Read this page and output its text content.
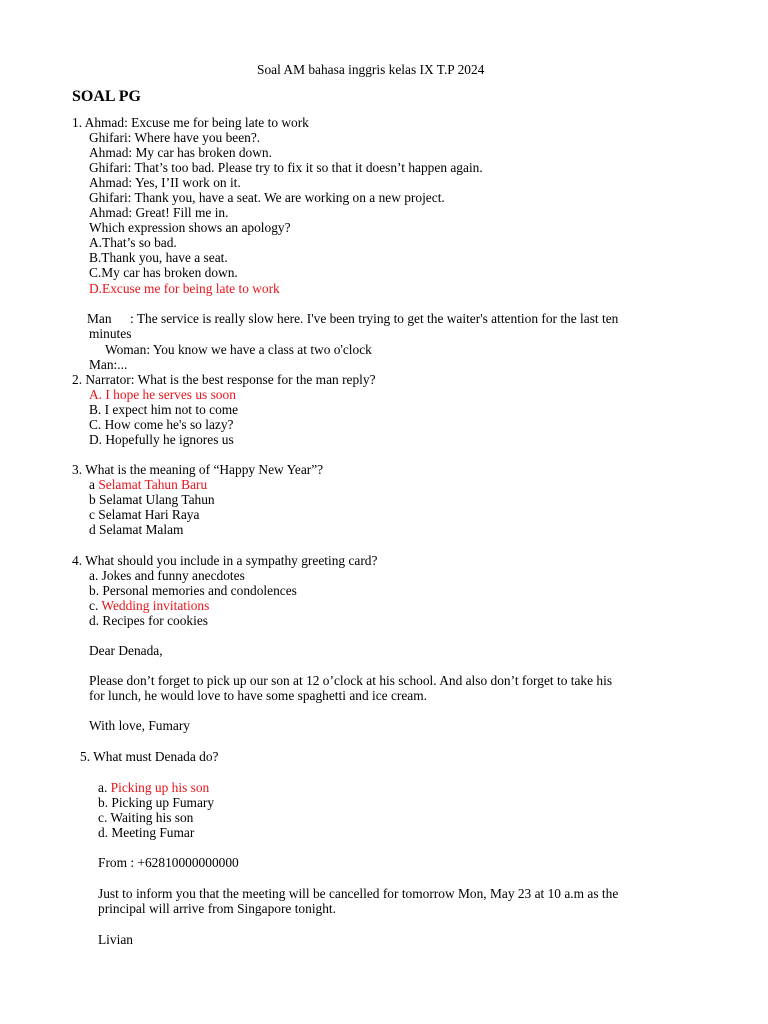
Soal AM bahasa inggris kelas IX T.P 2024
SOAL PG
1. Ahmad: Excuse me for being late to work
Ghifari: Where have you been?.
Ahmad: My car has broken down.
Ghifari: That’s too bad. Please try to fix it so that it doesn’t happen again.
Ahmad: Yes, I’II work on it.
Ghifari: Thank you, have a seat. We are working on a new project.
Ahmad: Great! Fill me in.
Which expression shows an apology?
A.That’s so bad.
B.Thank you, have a seat.
C.My car has broken down.
D.Excuse me for being late to work
Man : The service is really slow here. I've been trying to get the waiter's attention for the last ten
minutes
Woman: You know we have a class at two o'clock
Man:...
2. Narrator: What is the best response for the man reply?
A. I hope he serves us soon
B. I expect him not to come
C. How come he's so lazy?
D. Hopefully he ignores us
3. What is the meaning of “Happy New Year”?
a Selamat Tahun Baru
b Selamat Ulang Tahun
c Selamat Hari Raya
d Selamat Malam
4. What should you include in a sympathy greeting card?
a. Jokes and funny anecdotes
b. Personal memories and condolences
c. Wedding invitations
d. Recipes for cookies
Dear Denada,
Please don’t forget to pick up our son at 12 o’clock at his school. And also don’t forget to take his
for lunch, he would love to have some spaghetti and ice cream.
With love, Fumary
5. What must Denada do?
a. Picking up his son
b. Picking up Fumary
c. Waiting his son
d. Meeting Fumar
From : +62810000000000
Just to inform you that the meeting will be cancelled for tomorrow Mon, May 23 at 10 a.m as the
principal will arrive from Singapore tonight.
Livian
